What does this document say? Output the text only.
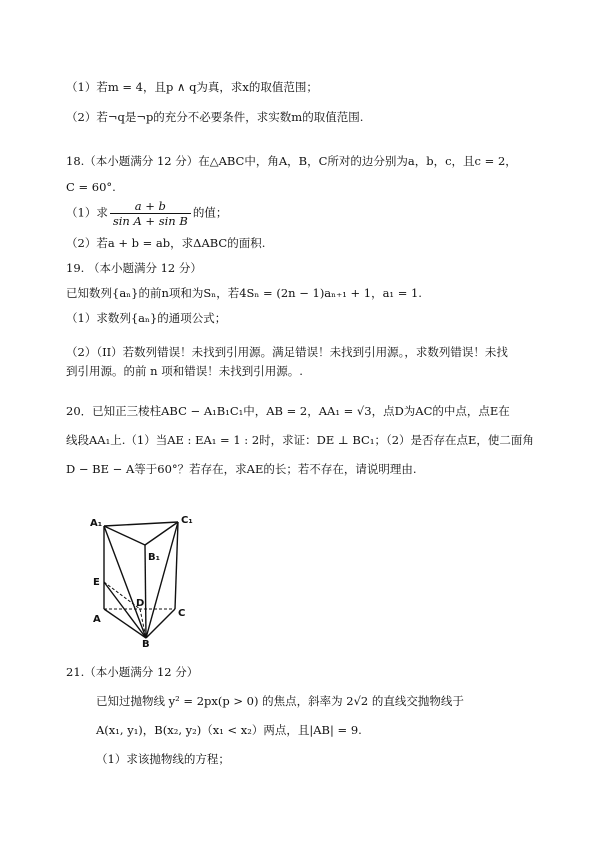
（1）若m = 4，且p ∧ q为真，求x的取值范围；
（2）若¬q是¬p的充分不必要条件，求实数m的取值范围.
18.（本小题满分 12 分）在△ABC中，角A，B，C所对的边分别为a，b，c，且c = 2，
C = 60°.
（1）求 $\frac{a + b}{\text{sin A + sin B}}$ 的值；
（2）若a + b = ab，求ΔABC的面积.
19. （本小题满分 12 分）
已知数列{aₙ}的前n项和为Sₙ，若4Sₙ = (2n − 1)aₙ₊₁ + 1，a₁ = 1.
（1）求数列{aₙ}的通项公式；
（2）（II）若数列错误！未找到引用源。满足错误！未找到引用源。，求数列错误！未找
到引用源。的前 n 项和错误！未找到引用源。.
20．已知正三棱柱ABC − A₁B₁C₁中，AB = 2，AA₁ = √3，点D为AC的中点，点E在
线段AA₁上.（1）当AE : EA₁ = 1 : 2时，求证：DE ⊥ BC₁；（2）是否存在点E，使二面角
D − BE − A等于60°？若存在，求AE的长；若不存在，请说明理由.
A₁	C₁
B₁
E
D
A
C
B
21.（本小题满分 12 分）
已知过抛物线 y² = 2px(p > 0) 的焦点，斜率为 2√2 的直线交抛物线于
A(x₁, y₁)，B(x₂, y₂)（x₁ < x₂）两点，且|AB| = 9.
（1）求该抛物线的方程；
